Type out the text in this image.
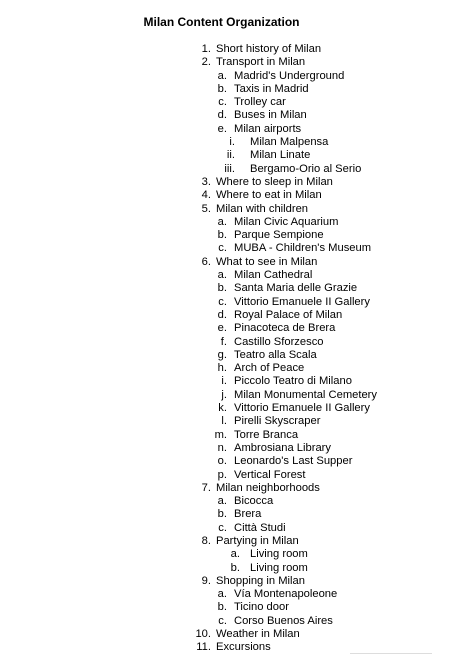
Milan Content Organization
1. Short history of Milan
2. Transport in Milan
a. Madrid's Underground
b. Taxis in Madrid
c. Trolley car
d. Buses in Milan
e. Milan airports
i. Milan Malpensa
ii. Milan Linate
iii. Bergamo-Orio al Serio
3. Where to sleep in Milan
4. Where to eat in Milan
5. Milan with children
a. Milan Civic Aquarium
b. Parque Sempione
c. MUBA - Children's Museum
6. What to see in Milan
a. Milan Cathedral
b. Santa Maria delle Grazie
c. Vittorio Emanuele II Gallery
d. Royal Palace of Milan
e. Pinacoteca de Brera
f. Castillo Sforzesco
g. Teatro alla Scala
h. Arch of Peace
i. Piccolo Teatro di Milano
j. Milan Monumental Cemetery
k. Vittorio Emanuele II Gallery
l. Pirelli Skyscraper
m. Torre Branca
n. Ambrosiana Library
o. Leonardo's Last Supper
p. Vertical Forest
7. Milan neighborhoods
a. Bicocca
b. Brera
c. Città Studi
8. Partying in Milan
a. Living room
b. Living room
9. Shopping in Milan
a. Vía Montenapoleone
b. Ticino door
c. Corso Buenos Aires
10. Weather in Milan
11. Excursions
